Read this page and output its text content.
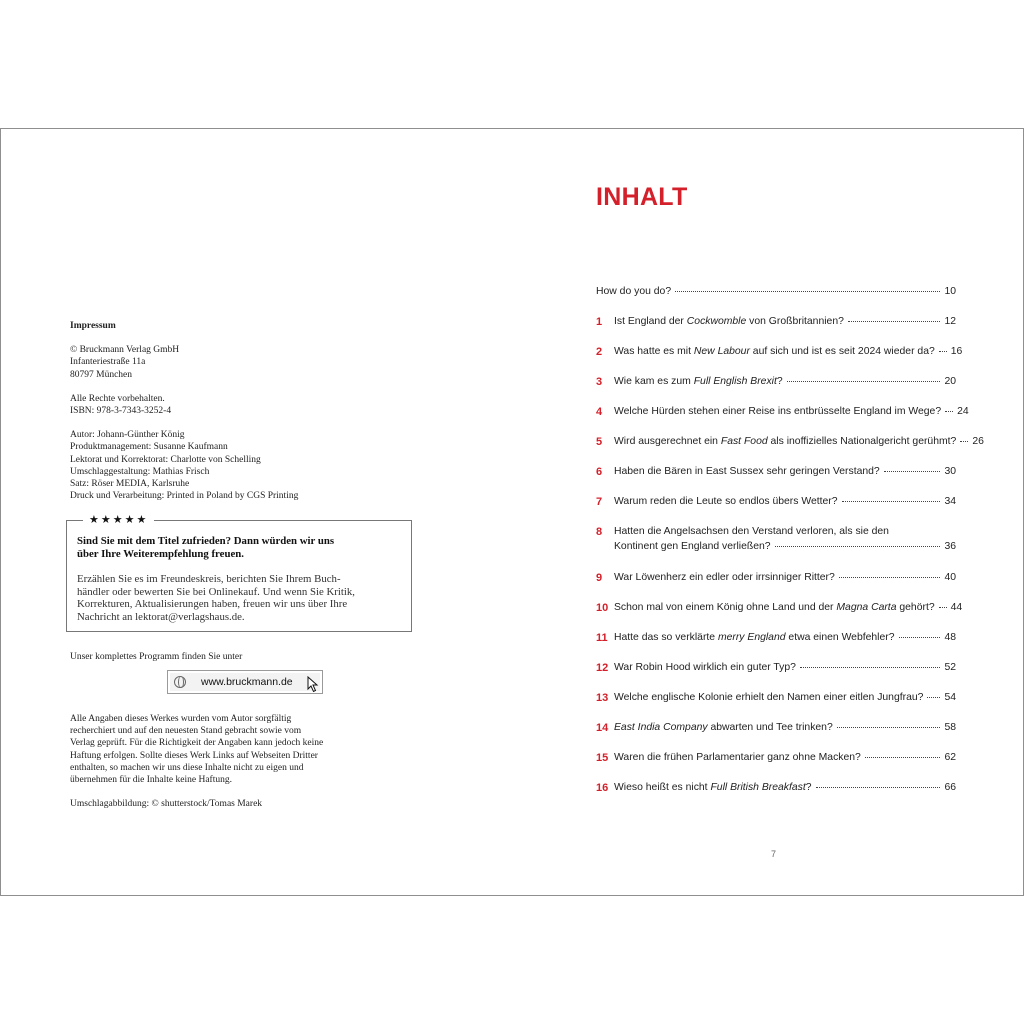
Impressum
© Bruckmann Verlag GmbH
Infanteriestraße 11a
80797 München
Alle Rechte vorbehalten.
ISBN: 978-3-7343-3252-4
Autor: Johann-Günther König
Produktmanagement: Susanne Kaufmann
Lektorat und Korrektorat: Charlotte von Schelling
Umschlaggestaltung: Mathias Frisch
Satz: Röser MEDIA, Karlsruhe
Druck und Verarbeitung: Printed in Poland by CGS Printing
★★★★★
Sind Sie mit dem Titel zufrieden? Dann würden wir uns
über Ihre Weiterempfehlung freuen.
Erzählen Sie es im Freundeskreis, berichten Sie Ihrem Buch-
händler oder bewerten Sie bei Onlinekauf. Und wenn Sie Kritik,
Korrekturen, Aktualisierungen haben, freuen wir uns über Ihre
Nachricht an lektorat@verlagshaus.de.
Unser komplettes Programm finden Sie unter
www.bruckmann.de
Alle Angaben dieses Werkes wurden vom Autor sorgfältig
recherchiert und auf den neuesten Stand gebracht sowie vom
Verlag geprüft. Für die Richtigkeit der Angaben kann jedoch keine
Haftung erfolgen. Sollte dieses Werk Links auf Webseiten Dritter
enthalten, so machen wir uns diese Inhalte nicht zu eigen und
übernehmen für die Inhalte keine Haftung.
Umschlagabbildung: © shutterstock/Tomas Marek
INHALT
How do you do?	10
1 Ist England der Cockwomble von Großbritannien?	12
2 Was hatte es mit New Labour auf sich und ist es seit 2024 wieder da? 16
3 Wie kam es zum Full English Brexit?	20
4 Welche Hürden stehen einer Reise ins entbrüsselte England im Wege? 24
5 Wird ausgerechnet ein Fast Food als inoffizielles Nationalgericht gerühmt? 26
6 Haben die Bären in East Sussex sehr geringen Verstand?	30
7 Warum reden die Leute so endlos übers Wetter?	34
8 Hatten die Angelsachsen den Verstand verloren, als sie den
Kontinent gen England verließen?	36
9 War Löwenherz ein edler oder irrsinniger Ritter?	40
10 Schon mal von einem König ohne Land und der Magna Carta gehört? 44
11 Hatte das so verklärte merry England etwa einen Webfehler?	48
12 War Robin Hood wirklich ein guter Typ?	52
13 Welche englische Kolonie erhielt den Namen einer eitlen Jungfrau? 54
14 East India Company abwarten und Tee trinken?	58
15 Waren die frühen Parlamentarier ganz ohne Macken?	62
16 Wieso heißt es nicht Full British Breakfast?	66
7
